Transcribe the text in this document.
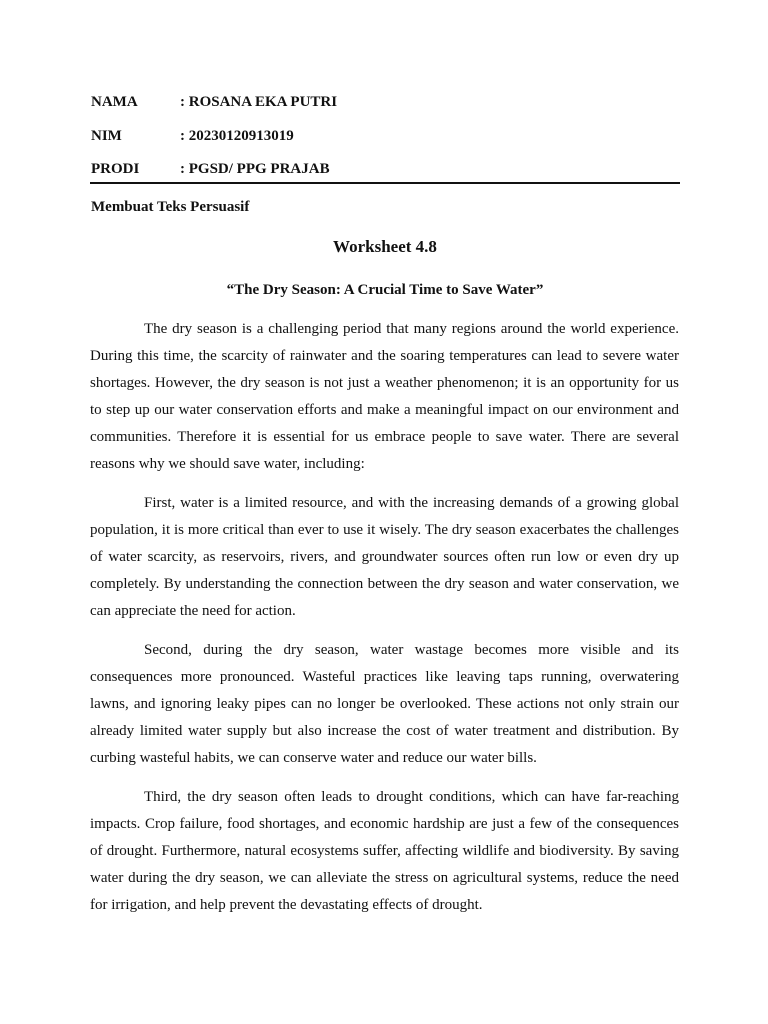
NAMA	: ROSANA EKA PUTRI
NIM	: 20230120913019
PRODI	: PGSD/ PPG PRAJAB
Membuat Teks Persuasif
Worksheet 4.8
“The Dry Season: A Crucial Time to Save Water”

The dry season is a challenging period that many regions around the world experience. During this time, the scarcity of rainwater and the soaring temperatures can lead to severe water shortages. However, the dry season is not just a weather phenomenon; it is an opportunity for us to step up our water conservation efforts and make a meaningful impact on our environment and communities. Therefore it is essential for us embrace people to save water. There are several reasons why we should save water, including:

First, water is a limited resource, and with the increasing demands of a growing global population, it is more critical than ever to use it wisely. The dry season exacerbates the challenges of water scarcity, as reservoirs, rivers, and groundwater sources often run low or even dry up completely. By understanding the connection between the dry season and water conservation, we can appreciate the need for action.

Second, during the dry season, water wastage becomes more visible and its consequences more pronounced. Wasteful practices like leaving taps running, overwatering lawns, and ignoring leaky pipes can no longer be overlooked. These actions not only strain our already limited water supply but also increase the cost of water treatment and distribution. By curbing wasteful habits, we can conserve water and reduce our water bills.

Third, the dry season often leads to drought conditions, which can have far-reaching impacts. Crop failure, food shortages, and economic hardship are just a few of the consequences of drought. Furthermore, natural ecosystems suffer, affecting wildlife and biodiversity. By saving water during the dry season, we can alleviate the stress on agricultural systems, reduce the need for irrigation, and help prevent the devastating effects of drought.
